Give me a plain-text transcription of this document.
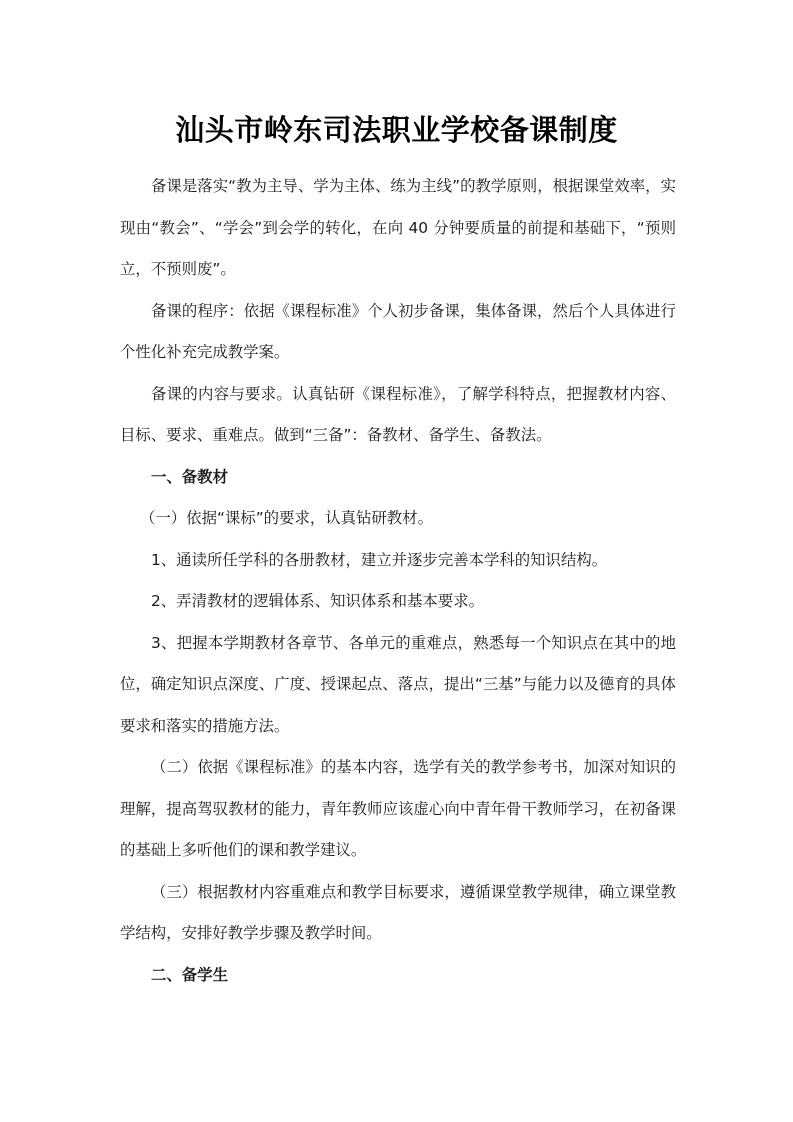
汕头市岭东司法职业学校备课制度

备课是落实“教为主导、学为主体、练为主线”的教学原则，根据课堂效率，实现由“教会”、“学会”到会学的转化，在向 40 分钟要质量的前提和基础下，“预则立，不预则废”。

备课的程序：依据《课程标准》个人初步备课，集体备课，然后个人具体进行个性化补充完成教学案。

备课的内容与要求。认真钻研《课程标准》，了解学科特点，把握教材内容、目标、要求、重难点。做到“三备”：备教材、备学生、备教法。

一、备教材

（一）依据“课标”的要求，认真钻研教材。

1、通读所任学科的各册教材，建立并逐步完善本学科的知识结构。

2、弄清教材的逻辑体系、知识体系和基本要求。

3、把握本学期教材各章节、各单元的重难点，熟悉每一个知识点在其中的地位，确定知识点深度、广度、授课起点、落点，提出“三基”与能力以及德育的具体要求和落实的措施方法。

（二）依据《课程标准》的基本内容，选学有关的教学参考书，加深对知识的理解，提高驾驭教材的能力，青年教师应该虚心向中青年骨干教师学习，在初备课的基础上多听他们的课和教学建议。

（三）根据教材内容重难点和教学目标要求，遵循课堂教学规律，确立课堂教学结构，安排好教学步骤及教学时间。

二、备学生
